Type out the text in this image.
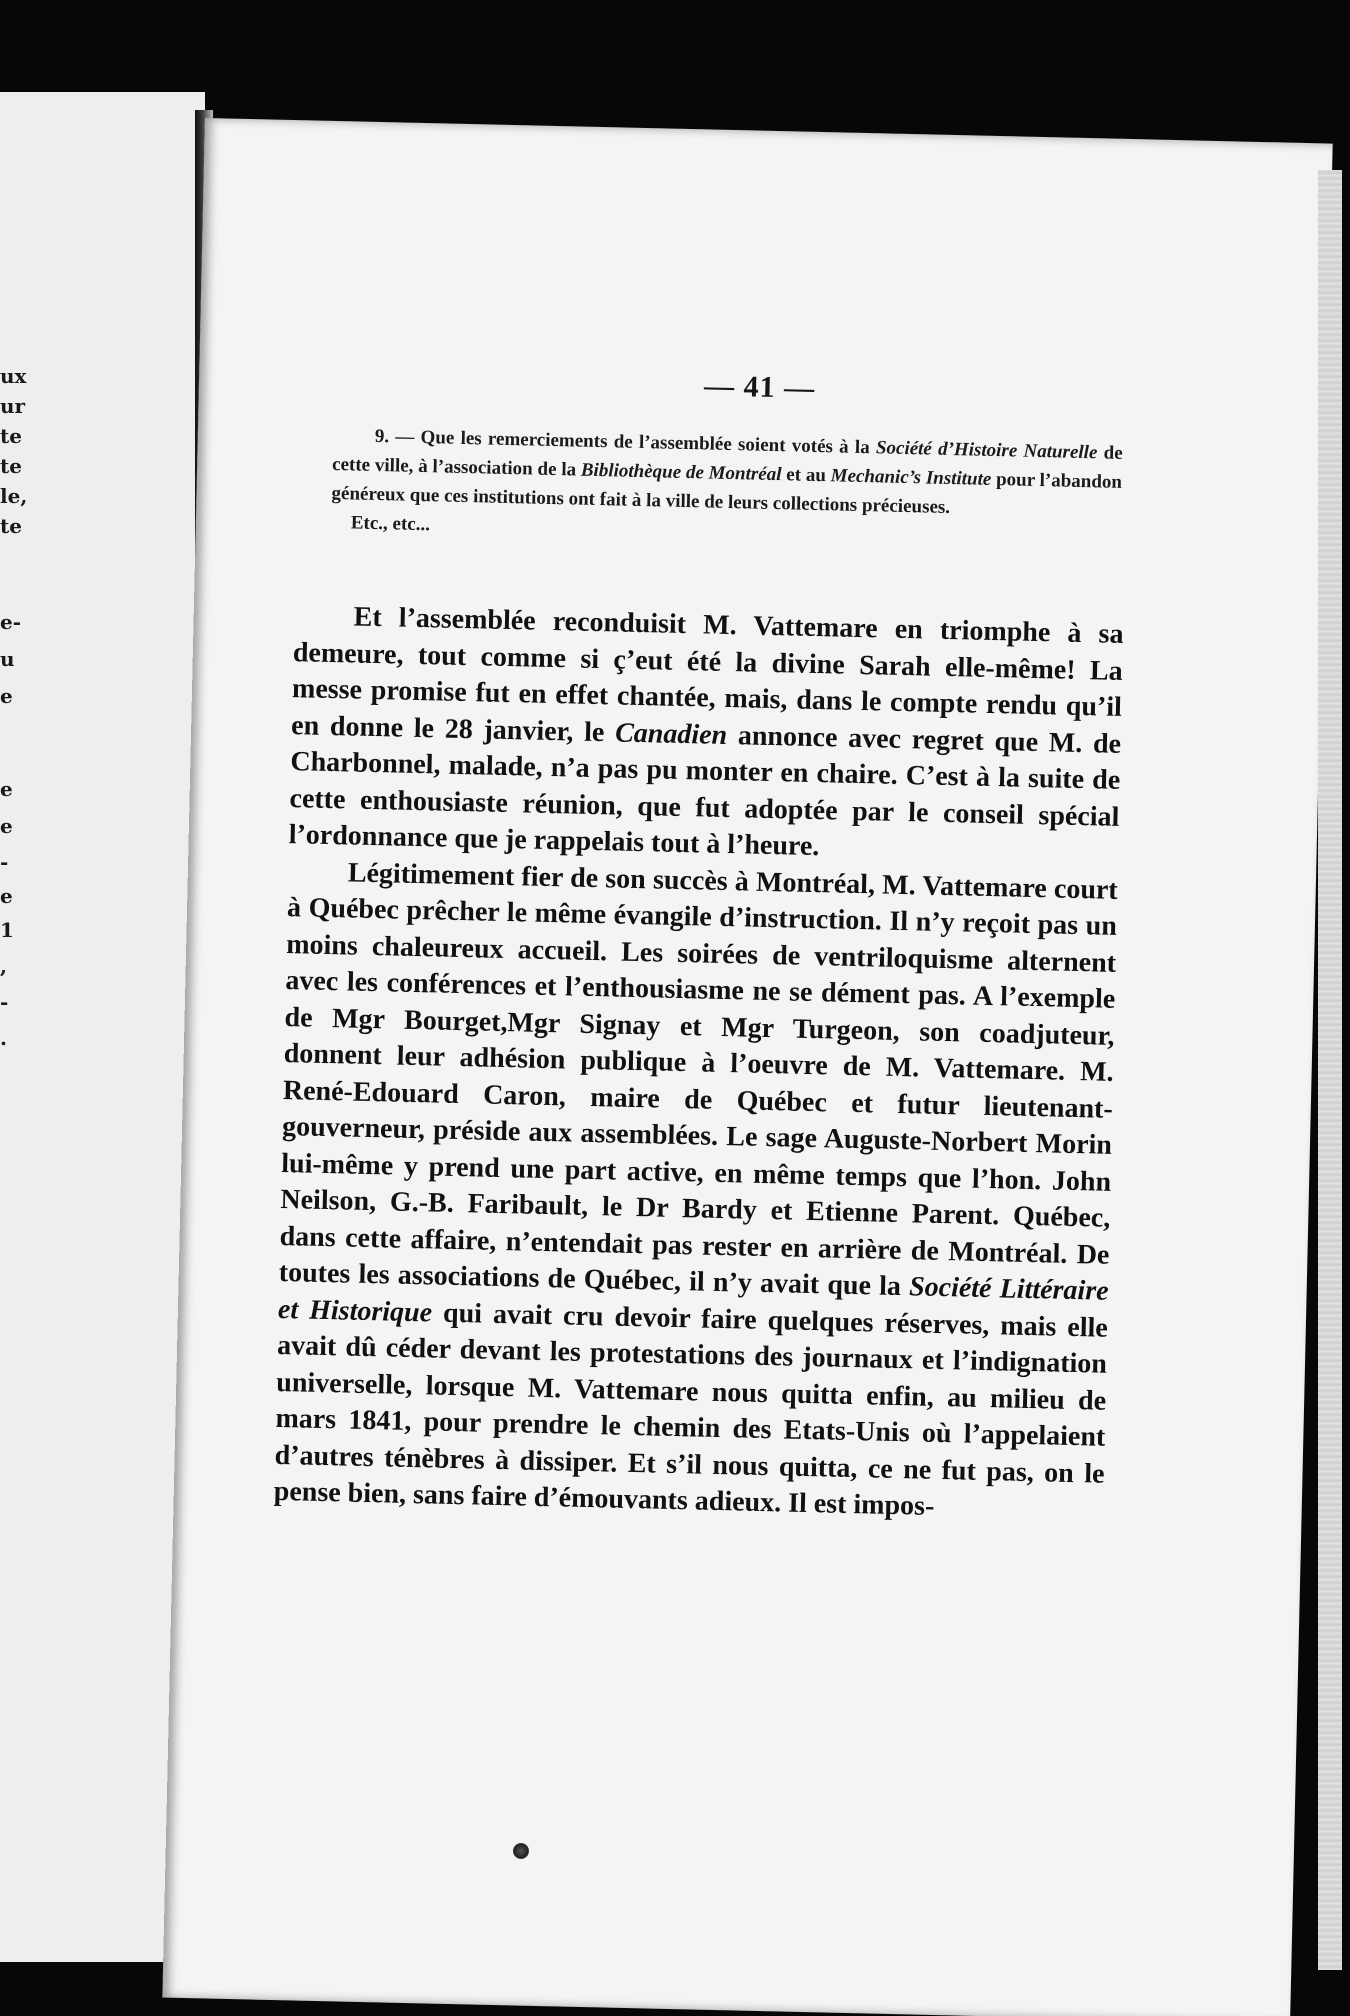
ux
ur
te
te
le,
te
e-
u
e
e
e
-
e
1
,
-
.
— 41 —
9. — Que les remerciements de l’assemblée soient votés à la Société d’Histoire Naturelle de cette ville, à l’association de la Bibliothèque de Montréal et au Mechanic’s Institute pour l’abandon généreux que ces institutions ont fait à la ville de leurs collections précieuses.
Etc., etc...

Et l’assemblée reconduisit M. Vattemare en triomphe à sa demeure, tout comme si ç’eut été la divine Sarah elle-même! La messe promise fut en effet chantée, mais, dans le compte rendu qu’il en donne le 28 janvier, le Canadien annonce avec regret que M. de Charbonnel, malade, n’a pas pu monter en chaire. C’est à la suite de cette enthousiaste réunion, que fut adoptée par le conseil spécial l’ordonnance que je rappelais tout à l’heure.

Légitimement fier de son succès à Montréal, M. Vattemare court à Québec prêcher le même évangile d’instruction. Il n’y reçoit pas un moins chaleureux accueil. Les soirées de ventriloquisme alternent avec les conférences et l’enthousiasme ne se dément pas. A l’exemple de Mgr Bourget,Mgr Signay et Mgr Turgeon, son coadjuteur, donnent leur adhésion publique à l’oeuvre de M. Vattemare. M. René-Edouard Caron, maire de Québec et futur lieutenant-gouverneur, préside aux assemblées. Le sage Auguste-Norbert Morin lui-même y prend une part active, en même temps que l’hon. John Neilson, G.-B. Faribault, le Dr Bardy et Etienne Parent. Québec, dans cette affaire, n’entendait pas rester en arrière de Montréal. De toutes les associations de Québec, il n’y avait que la Société Littéraire et Historique qui avait cru devoir faire quelques réserves, mais elle avait dû céder devant les protestations des journaux et l’indignation universelle, lorsque M. Vattemare nous quitta enfin, au milieu de mars 1841, pour prendre le chemin des Etats-Unis où l’appelaient d’autres ténèbres à dissiper. Et s’il nous quitta, ce ne fut pas, on le pense bien, sans faire d’émouvants adieux. Il est impos-
